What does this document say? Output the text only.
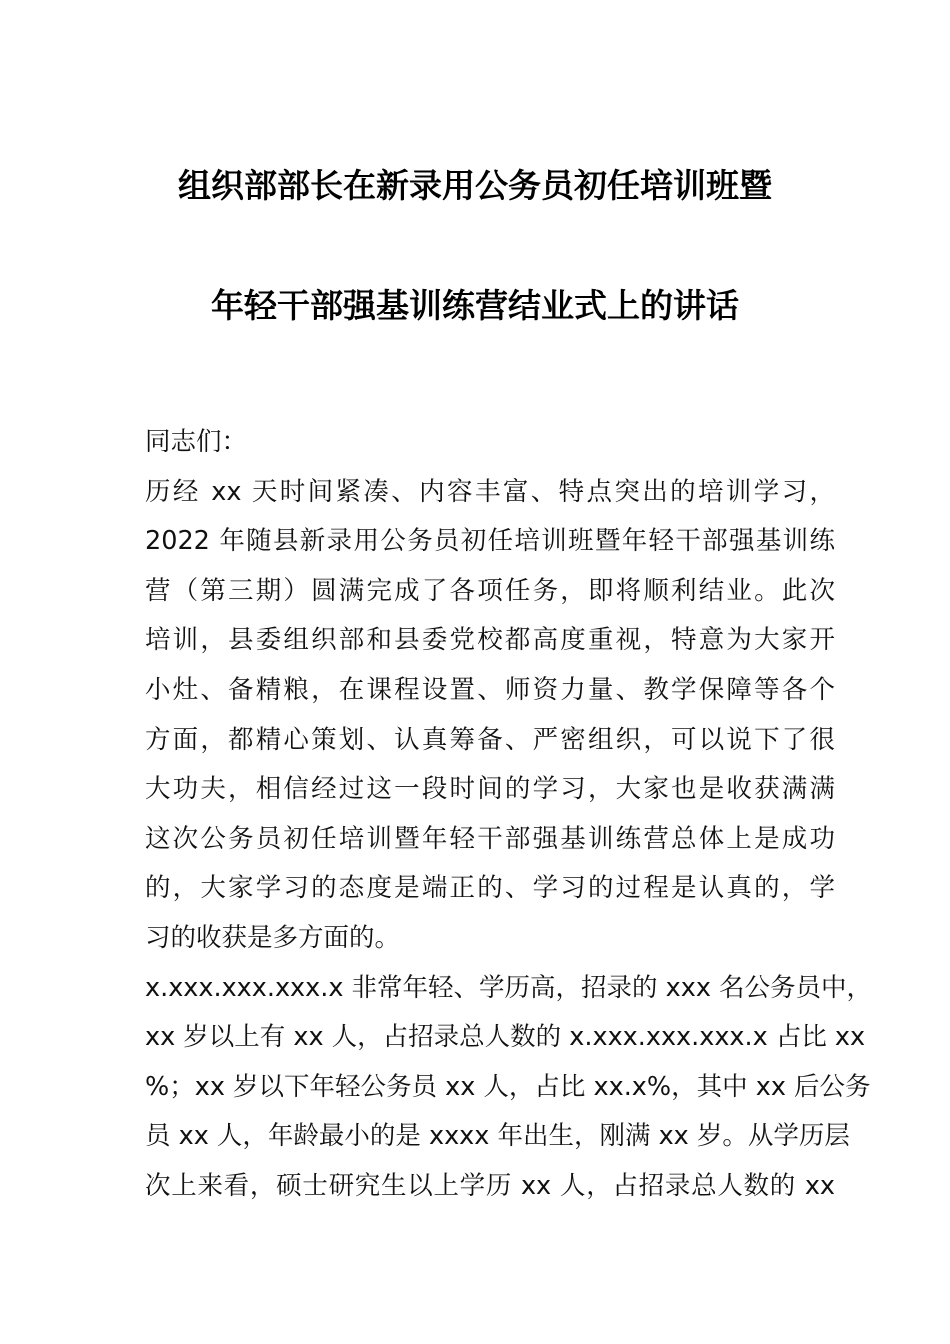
组织部部长在新录用公务员初任培训班暨
年轻干部强基训练营结业式上的讲话
同志们：
历经 xx 天时间紧凑、内容丰富、特点突出的培训学习，
2022 年随县新录用公务员初任培训班暨年轻干部强基训练
营（第三期）圆满完成了各项任务，即将顺利结业。此次
培训，县委组织部和县委党校都高度重视，特意为大家开
小灶、备精粮，在课程设置、师资力量、教学保障等各个
方面，都精心策划、认真筹备、严密组织，可以说下了很
大功夫，相信经过这一段时间的学习，大家也是收获满满
这次公务员初任培训暨年轻干部强基训练营总体上是成功
的，大家学习的态度是端正的、学习的过程是认真的，学
习的收获是多方面的。
x.xxx.xxx.xxx.x 非常年轻、学历高，招录的 xxx 名公务员中，
xx 岁以上有 xx 人，占招录总人数的 x.xxx.xxx.xxx.x 占比 xx
%；xx 岁以下年轻公务员 xx 人，占比 xx.x%，其中 xx 后公务
员 xx 人，年龄最小的是 xxxx 年出生，刚满 xx 岁。从学历层
次上来看，硕士研究生以上学历 xx 人，占招录总人数的 xx
